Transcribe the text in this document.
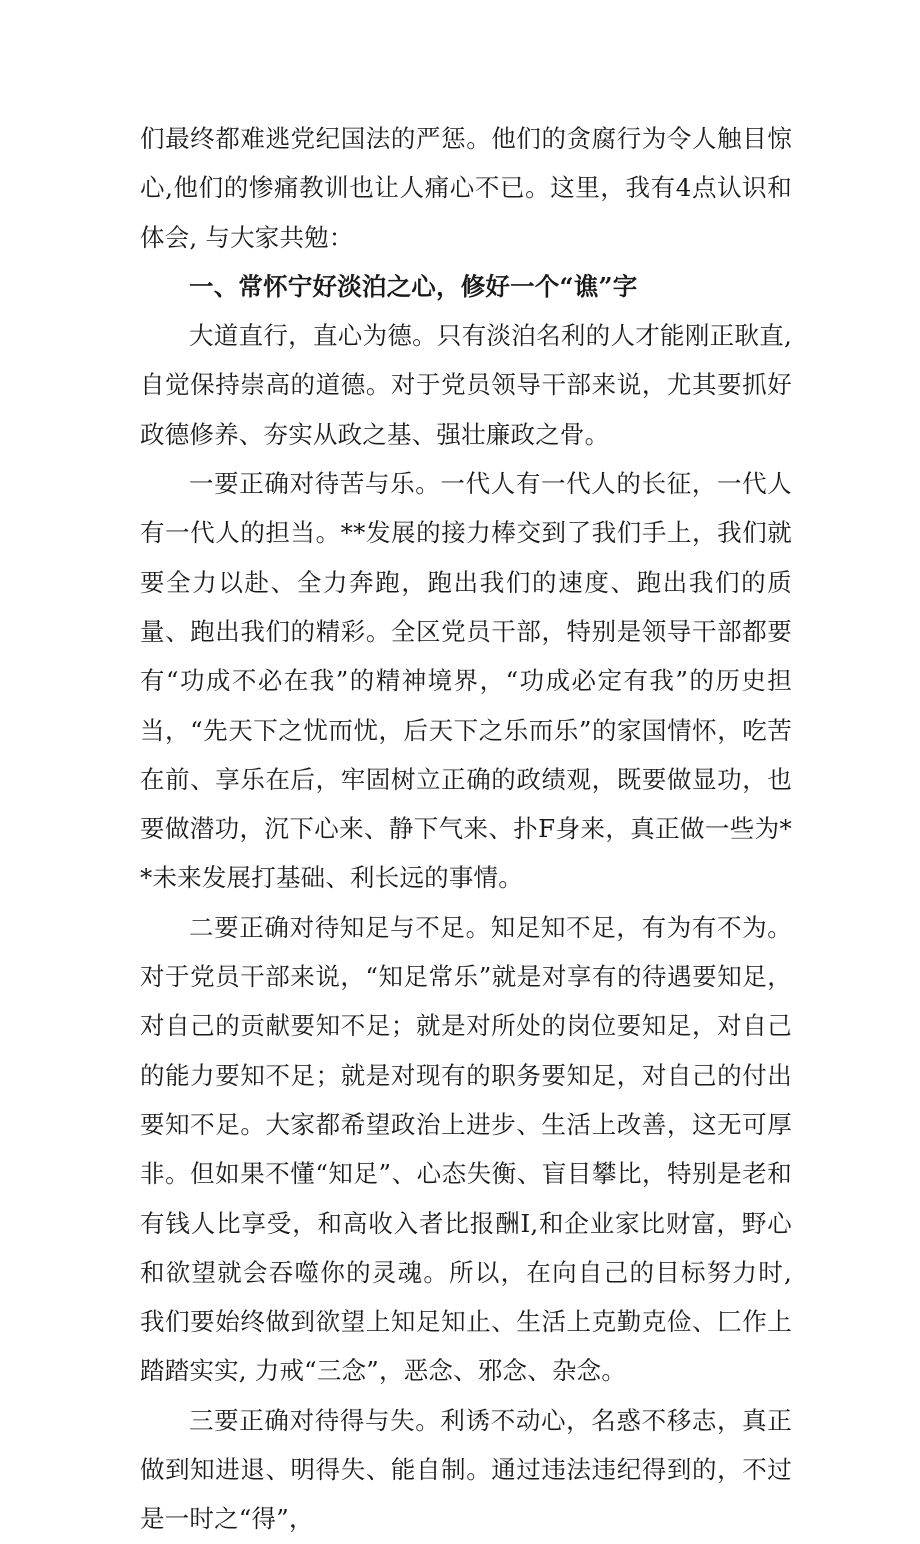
们最终都难逃党纪国法的严惩。他们的贪腐行为令人触目惊心,他们的惨痛教训也让人痛心不已。这里，我有4点认识和体会, 与大家共勉：

一、常怀宁好淡泊之心，修好一个“谯”字

大道直行，直心为德。只有淡泊名利的人才能刚正耿直, 自觉保持崇高的道德。对于党员领导干部来说，尤其要抓好政德修养、夯实从政之基、强壮廉政之骨。

一要正确对待苦与乐。一代人有一代人的长征，一代人有一代人的担当。**发展的接力棒交到了我们手上，我们就要全力以赴、全力奔跑，跑出我们的速度、跑出我们的质量、跑出我们的精彩。全区党员干部，特别是领导干部都要有“功成不必在我”的精神境界，“功成必定有我”的历史担当，“先天下之忧而忧，后天下之乐而乐”的家国情怀，吃苦在前、享乐在后，牢固树立正确的政绩观，既要做显功，也要做潜功，沉下心来、静下气来、扑F身来，真正做一些为**未来发展打基础、利长远的事情。

二要正确对待知足与不足。知足知不足，有为有不为。对于党员干部来说，“知足常乐”就是对享有的待遇要知足，对自己的贡献要知不足；就是对所处的岗位要知足，对自己的能力要知不足；就是对现有的职务要知足，对自己的付出要知不足。大家都希望政治上进步、生活上改善，这无可厚非。但如果不懂“知足”、心态失衡、盲目攀比，特别是老和有钱人比享受，和高收入者比报酬I,和企业家比财富，野心和欲望就会吞噬你的灵魂。所以，在向自己的目标努力时, 我们要始终做到欲望上知足知止、生活上克勤克俭、匚作上踏踏实实, 力戒“三念”，恶念、邪念、杂念。

三要正确对待得与失。利诱不动心，名惑不移志，真正做到知进退、明得失、能自制。通过违法违纪得到的，不过是一时之“得”，
